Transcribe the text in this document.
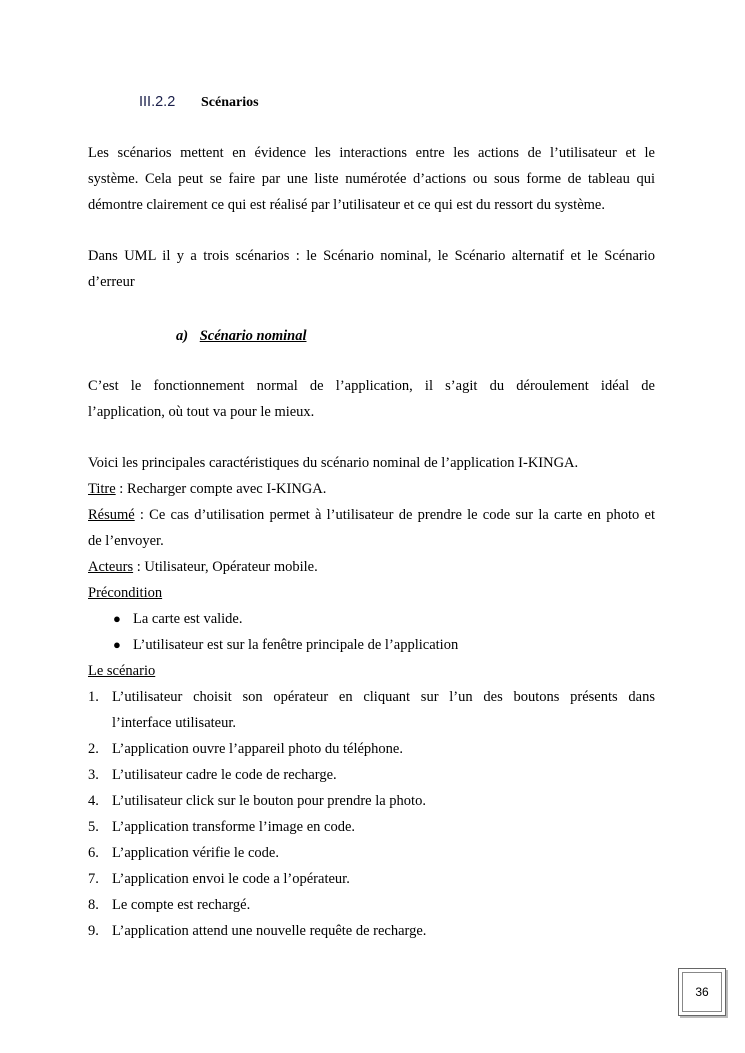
III.2.2	Scénarios
Les scénarios mettent en évidence les interactions entre les actions de l’utilisateur et le
système. Cela peut se faire par une liste numérotée d’actions ou sous forme de tableau qui
démontre clairement ce qui est réalisé par l’utilisateur et ce qui est du ressort du système.
Dans UML il y a trois scénarios : le Scénario nominal, le Scénario alternatif et le Scénario
d’erreur
a) Scénario nominal
C’est le fonctionnement normal de l’application, il s’agit du déroulement idéal de
l’application, où tout va pour le mieux.
Voici les principales caractéristiques du scénario nominal de l’application I-KINGA.
Titre : Recharger compte avec I-KINGA.
Résumé : Ce cas d’utilisation permet à l’utilisateur de prendre le code sur la carte en photo et
de l’envoyer.
Acteurs : Utilisateur, Opérateur mobile.
Précondition
● La carte est valide.
● L’utilisateur est sur la fenêtre principale de l’application
Le scénario
1. L’utilisateur choisit son opérateur en cliquant sur l’un des boutons présents dans
l’interface utilisateur.
2. L’application ouvre l’appareil photo du téléphone.
3. L’utilisateur cadre le code de recharge.
4. L’utilisateur click sur le bouton pour prendre la photo.
5. L’application transforme l’image en code.
6. L’application vérifie le code.
7. L’application envoi le code a l’opérateur.
8. Le compte est rechargé.
9. L’application attend une nouvelle requête de recharge.
36
